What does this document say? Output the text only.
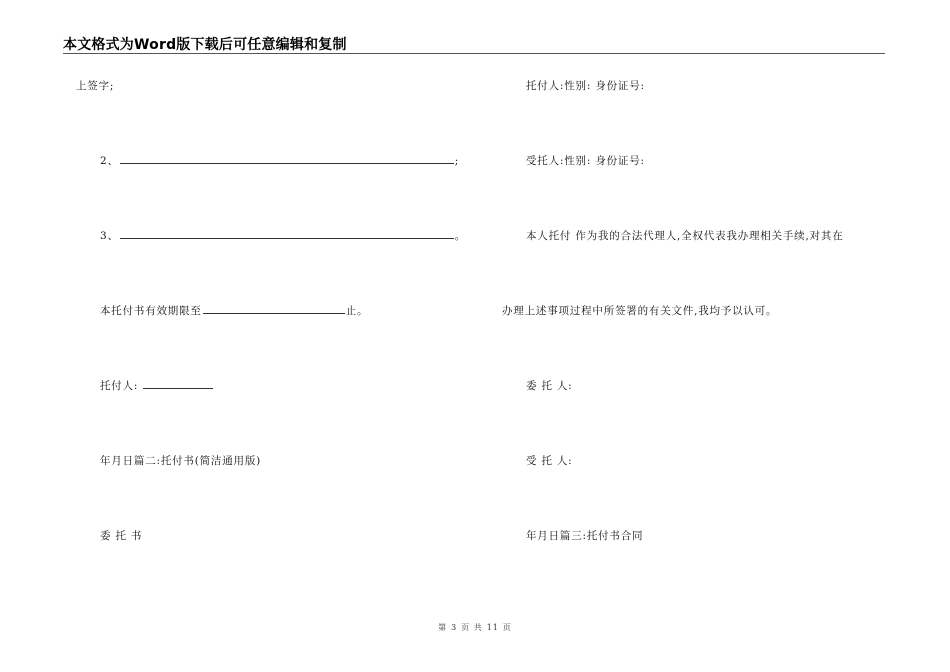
本文格式为Word版下载后可任意编辑和复制
上签字;
2、	;
3、	。
本托付书有效期限至	止。
托付人:
年月日篇二:托付书(简洁通用版)
委 托 书
托付人:性别: 身份证号:
受托人:性别: 身份证号:
本人托付 作为我的合法代理人,全权代表我办理相关手续,对其在
办理上述事项过程中所签署的有关文件,我均予以认可。
委 托 人:
受 托 人:
年月日篇三:托付书合同
第 3 页 共 11 页
